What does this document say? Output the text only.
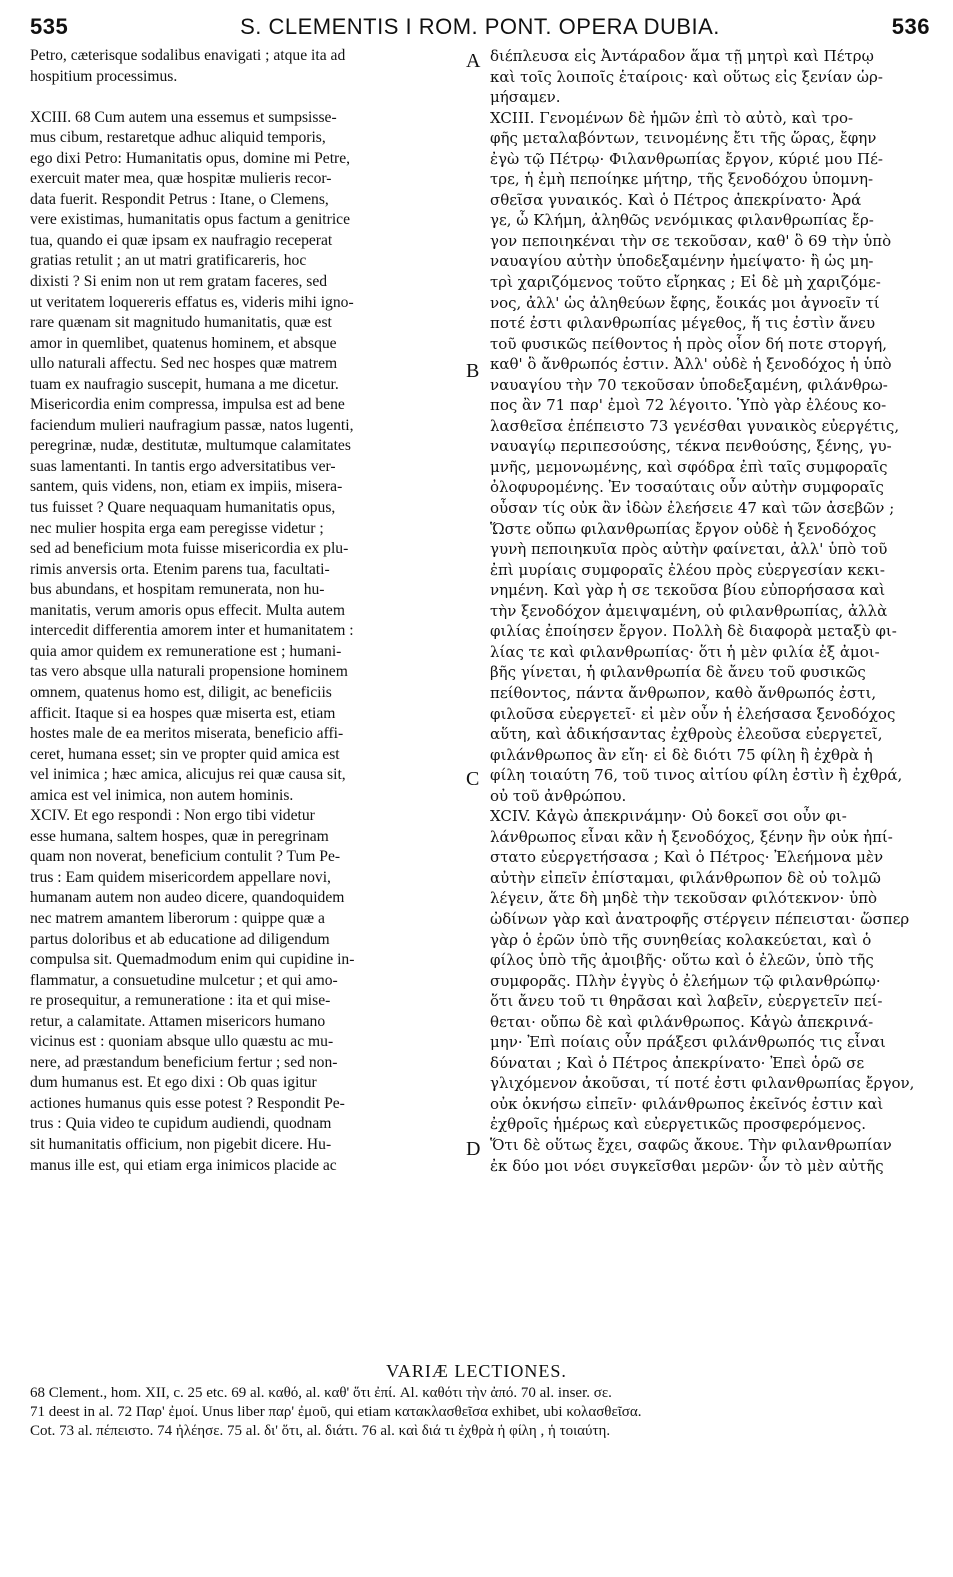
535	S. CLEMENTIS I ROM. PONT. OPERA DUBIA.	536
Petro, cæterisque sodalibus enavigati ; atque ita ad
hospitium processimus.
XCIII. 68 Cum autem una essemus et sumpsisse-
mus cibum, restaretque adhuc aliquid temporis,
ego dixi Petro: Humanitatis opus, domine mi Petre,
exercuit mater mea, quæ hospitæ mulieris recor-
data fuerit. Respondit Petrus : Itane, o Clemens,
vere existimas, humanitatis opus factum a genitrice
tua, quando ei quæ ipsam ex naufragio receperat
gratias retulit ; an ut matri gratificareris, hoc
dixisti ? Si enim non ut rem gratam faceres, sed
ut veritatem loquereris effatus es, videris mihi igno-
rare quænam sit magnitudo humanitatis, quæ est
amor in quemlibet, quatenus hominem, et absque
ullo naturali affectu. Sed nec hospes quæ matrem
tuam ex naufragio suscepit, humana a me dicetur.
Misericordia enim compressa, impulsa est ad bene
faciendum mulieri naufragium passæ, natos lugenti,
peregrinæ, nudæ, destitutæ, multumque calamitates
suas lamentanti. In tantis ergo adversitatibus ver-
santem, quis videns, non, etiam ex impiis, misera-
tus fuisset ? Quare nequaquam humanitatis opus,
nec mulier hospita erga eam peregisse videtur ;
sed ad beneficium mota fuisse misericordia ex plu-
rimis anversis orta. Etenim parens tua, facultati-
bus abundans, et hospitam remunerata, non hu-
manitatis, verum amoris opus effecit. Multa autem
intercedit differentia amorem inter et humanitatem :
quia amor quidem ex remuneratione est ; humani-
tas vero absque ulla naturali propensione hominem
omnem, quatenus homo est, diligit, ac beneficiis
afficit. Itaque si ea hospes quæ miserta est, etiam
hostes male de ea meritos miserata, beneficio affi-
ceret, humana esset; sin ve propter quid amica est
vel inimica ; hæc amica, alicujus rei quæ causa sit,
amica est vel inimica, non autem hominis.
XCIV. Et ego respondi : Non ergo tibi videtur
esse humana, saltem hospes, quæ in peregrinam
quam non noverat, beneficium contulit ? Tum Pe-
trus : Eam quidem misericordem appellare novi,
humanam autem non audeo dicere, quandoquidem
nec matrem amantem liberorum : quippe quæ a
partus doloribus et ab educatione ad diligendum
compulsa sit. Quemadmodum enim qui cupidine in-
flammatur, a consuetudine mulcetur ; et qui amo-
re prosequitur, a remuneratione : ita et qui mise-
retur, a calamitate. Attamen misericors humano
vicinus est : quoniam absque ullo quæstu ac mu-
nere, ad præstandum beneficium fertur ; sed non-
dum humanus est. Et ego dixi : Ob quas igitur
actiones humanus quis esse potest ? Respondit Pe-
trus : Quia video te cupidum audiendi, quodnam
sit humanitatis officium, non pigebit dicere. Hu-
manus ille est, qui etiam erga inimicos placide ac
διέπλευσα εἰς Ἀντάραδον ἅμα τῇ μητρὶ καὶ Πέτρῳ
καὶ τοῖς λοιποῖς ἑταίροις· καὶ οὕτως εἰς ξενίαν ὡρ-
μήσαμεν.
XCIII. Γενομένων δὲ ἡμῶν ἐπὶ τὸ αὐτὸ, καὶ τρο-
φῆς μεταλαβόντων, τεινομένης ἔτι τῆς ὥρας, ἔφην
ἐγὼ τῷ Πέτρῳ· Φιλανθρωπίας ἔργον, κύριέ μου Πέ-
τρε, ἡ ἐμὴ πεποίηκε μήτηρ, τῆς ξενοδόχου ὑπομνη-
σθεῖσα γυναικός. Καὶ ὁ Πέτρος ἀπεκρίνατο· Ἀρά
γε, ὦ Κλήμη, ἀληθῶς νενόμικας φιλανθρωπίας ἔρ-
γον πεποιηκέναι τὴν σε τεκοῦσαν, καθ' ὃ 69 τὴν ὑπὸ
ναυαγίου αὐτὴν ὑποδεξαμένην ἠμείψατο· ἢ ὡς μη-
τρὶ χαριζόμενος τοῦτο εἴρηκας ; Εἰ δὲ μὴ χαριζόμε-
νος, ἀλλ' ὡς ἀληθεύων ἔφης, ἔοικάς μοι ἀγνοεῖν τί
ποτέ ἐστι φιλανθρωπίας μέγεθος, ἥ τις ἐστὶν ἄνευ
τοῦ φυσικῶς πείθοντος ἡ πρὸς οἷον δή ποτε στοργή,
καθ' ὃ ἄνθρωπός ἐστιν. Ἀλλ' οὐδὲ ἡ ξενοδόχος ἡ ὑπὸ
ναυαγίου τὴν 70 τεκοῦσαν ὑποδεξαμένη, φιλάνθρω-
πος ἂν 71 παρ' ἐμοὶ 72 λέγοιτο. Ὑπὸ γὰρ ἐλέους κο-
λασθεῖσα ἐπέπειστο 73 γενέσθαι γυναικὸς εὐεργέτις,
ναυαγίῳ περιπεσούσης, τέκνα πενθούσης, ξένης, γυ-
μνῆς, μεμονωμένης, καὶ σφόδρα ἐπὶ ταῖς συμφοραῖς
ὀλοφυρομένης. Ἐν τοσαύταις οὖν αὐτὴν συμφοραῖς
οὖσαν τίς οὐκ ἂν ἰδὼν ἐλεήσειε 47 καὶ τῶν ἀσεβῶν ;
Ὥστε οὔπω φιλανθρωπίας ἔργον οὐδὲ ἡ ξενοδόχος
γυνὴ πεποιηκυῖα πρὸς αὐτὴν φαίνεται, ἀλλ' ὑπὸ τοῦ
ἐπὶ μυρίαις συμφοραῖς ἐλέου πρὸς εὐεργεσίαν κεκι-
νημένη. Καὶ γὰρ ἡ σε τεκοῦσα βίου εὐπορήσασα καὶ
τὴν ξενοδόχον ἀμειψαμένη, οὐ φιλανθρωπίας, ἀλλὰ
φιλίας ἐποίησεν ἔργον. Πολλὴ δὲ διαφορὰ μεταξὺ φι-
λίας τε καὶ φιλανθρωπίας· ὅτι ἡ μὲν φιλία ἐξ ἀμοι-
βῆς γίνεται, ἡ φιλανθρωπία δὲ ἄνευ τοῦ φυσικῶς
πείθοντος, πάντα ἄνθρωπον, καθὸ ἄνθρωπός ἐστι,
φιλοῦσα εὐεργετεῖ· εἰ μὲν οὖν ἡ ἐλεήσασα ξενοδόχος
αὕτη, καὶ ἀδικήσαντας ἐχθροὺς ἐλεοῦσα εὐεργετεῖ,
φιλάνθρωπος ἂν εἴη· εἰ δὲ διότι 75 φίλη ἢ ἐχθρὰ ἡ
φίλη τοιαύτη 76, τοῦ τινος αἰτίου φίλη ἐστὶν ἢ ἐχθρά,
οὐ τοῦ ἀνθρώπου.
XCIV. Κἀγὼ ἀπεκρινάμην· Οὐ δοκεῖ σοι οὖν φι-
λάνθρωπος εἶναι κἂν ἡ ξενοδόχος, ξένην ἣν οὐκ ἠπί-
στατο εὐεργετήσασα ; Καὶ ὁ Πέτρος· Ἐλεήμονα μὲν
αὐτὴν εἰπεῖν ἐπίσταμαι, φιλάνθρωπον δὲ οὐ τολμῶ
λέγειν, ἅτε δὴ μηδὲ τὴν τεκοῦσαν φιλότεκνον· ὑπὸ
ὠδίνων γὰρ καὶ ἀνατροφῆς στέργειν πέπεισται· ὥσπερ
γὰρ ὁ ἐρῶν ὑπὸ τῆς συνηθείας κολακεύεται, καὶ ὁ
φίλος ὑπὸ τῆς ἀμοιβῆς· οὕτω καὶ ὁ ἐλεῶν, ὑπὸ τῆς
συμφορᾶς. Πλὴν ἐγγὺς ὁ ἐλεήμων τῷ φιλανθρώπῳ·
ὅτι ἄνευ τοῦ τι θηρᾶσαι καὶ λαβεῖν, εὐεργετεῖν πεί-
θεται· οὔπω δὲ καὶ φιλάνθρωπος. Κἀγὼ ἀπεκρινά-
μην· Ἐπὶ ποίαις οὖν πράξεσι φιλάνθρωπός τις εἶναι
δύναται ; Καὶ ὁ Πέτρος ἀπεκρίνατο· Ἐπεὶ ὁρῶ σε
γλιχόμενον ἀκοῦσαι, τί ποτέ ἐστι φιλανθρωπίας ἔργον,
οὐκ ὀκνήσω εἰπεῖν· φιλάνθρωπος ἐκεῖνός ἐστιν καὶ
ἐχθροῖς ἡμέρως καὶ εὐεργετικῶς προσφερόμενος.
Ὅτι δὲ οὕτως ἔχει, σαφῶς ἄκουε. Τὴν φιλανθρωπίαν
ἐκ δύο μοι νόει συγκεῖσθαι μερῶν· ὧν τὸ μὲν αὐτῆς
A
B
C
D
VARIÆ LECTIONES.
68 Clement., hom. XII, c. 25 etc. 69 al. καθό, al. καθ' ὅτι ἐπί. Al. καθότι τὴν ἀπό. 70 al. inser. σε.
71 deest in al. 72 Παρ' ἐμοί. Unus liber παρ' ἐμοῦ, qui etiam κατακλασθεῖσα exhibet, ubi κολασθεῖσα.
Cot. 73 al. πέπειστο. 74 ἠλέησε. 75 al. δι' ὅτι, al. διάτι. 76 al. καὶ διά τι ἐχθρὰ ἡ φίλη , ἡ τοιαύτη.
